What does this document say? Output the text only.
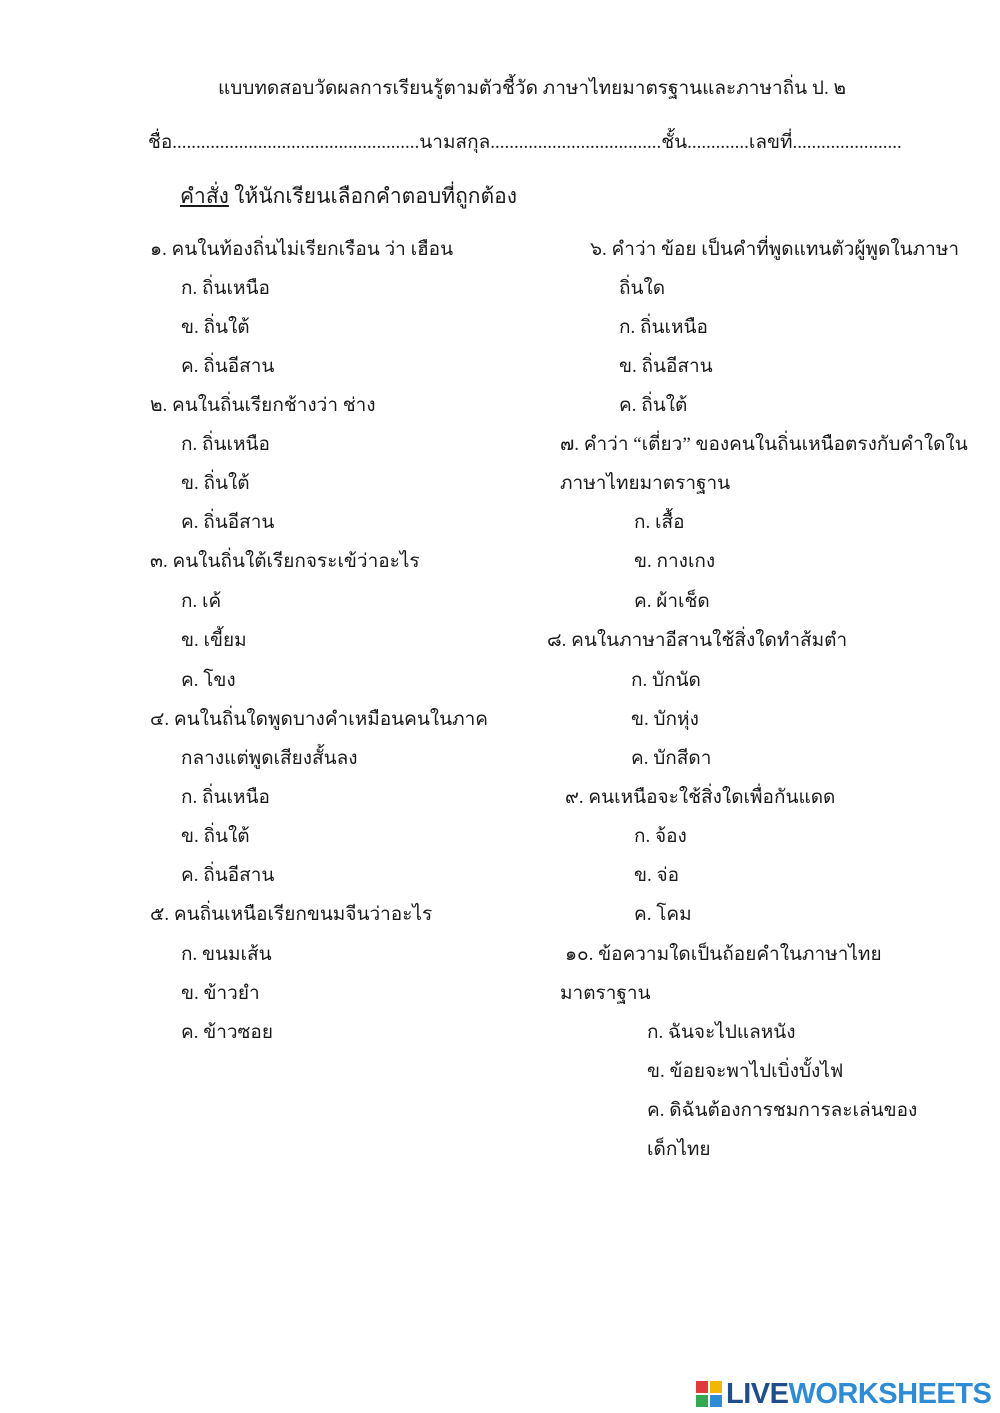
แบบทดสอบวัดผลการเรียนรู้ตามตัวชี้วัด ภาษาไทยมาตรฐานและภาษาถิ่น ป. ๒
ชื่อ....................................................นามสกุล....................................ชั้น.............เลขที่.......................
คำสั่ง ให้นักเรียนเลือกคำตอบที่ถูกต้อง
๑. คนในท้องถิ่นไม่เรียกเรือน ว่า เฮือน
ก. ถิ่นเหนือ
ข. ถิ่นใต้
ค. ถิ่นอีสาน
๒. คนในถิ่นเรียกช้างว่า ช่าง
ก. ถิ่นเหนือ
ข. ถิ่นใต้
ค. ถิ่นอีสาน
๓. คนในถิ่นใต้เรียกจระเข้ว่าอะไร
ก. เค้
ข. เขี้ยม
ค. โขง
๔. คนในถิ่นใดพูดบางคำเหมือนคนในภาค
กลางแต่พูดเสียงสั้นลง
ก. ถิ่นเหนือ
ข. ถิ่นใต้
ค. ถิ่นอีสาน
๕. คนถิ่นเหนือเรียกขนมจีนว่าอะไร
ก. ขนมเส้น
ข. ข้าวยำ
ค. ข้าวซอย
๖. คำว่า ข้อย เป็นคำที่พูดแทนตัวผู้พูดในภาษา
ถิ่นใด
ก. ถิ่นเหนือ
ข. ถิ่นอีสาน
ค. ถิ่นใต้
๗. คำว่า “เตี่ยว” ของคนในถิ่นเหนือตรงกับคำใดใน
ภาษาไทยมาตราฐาน
ก. เสื้อ
ข. กางเกง
ค. ผ้าเช็ด
๘. คนในภาษาอีสานใช้สิ่งใดทำส้มตำ
ก. บักนัด
ข. บักหุ่ง
ค. บักสีดา
๙. คนเหนือจะใช้สิ่งใดเพื่อกันแดด
ก. จ้อง
ข. จ่อ
ค. โคม
๑๐. ข้อความใดเป็นถ้อยคำในภาษาไทย
มาตราฐาน
ก. ฉันจะไปแลหนัง
ข. ข้อยจะพาไปเบิ่งบั้งไฟ
ค. ดิฉันต้องการชมการละเล่นของ
เด็กไทย
LIVE WORKSHEETS
